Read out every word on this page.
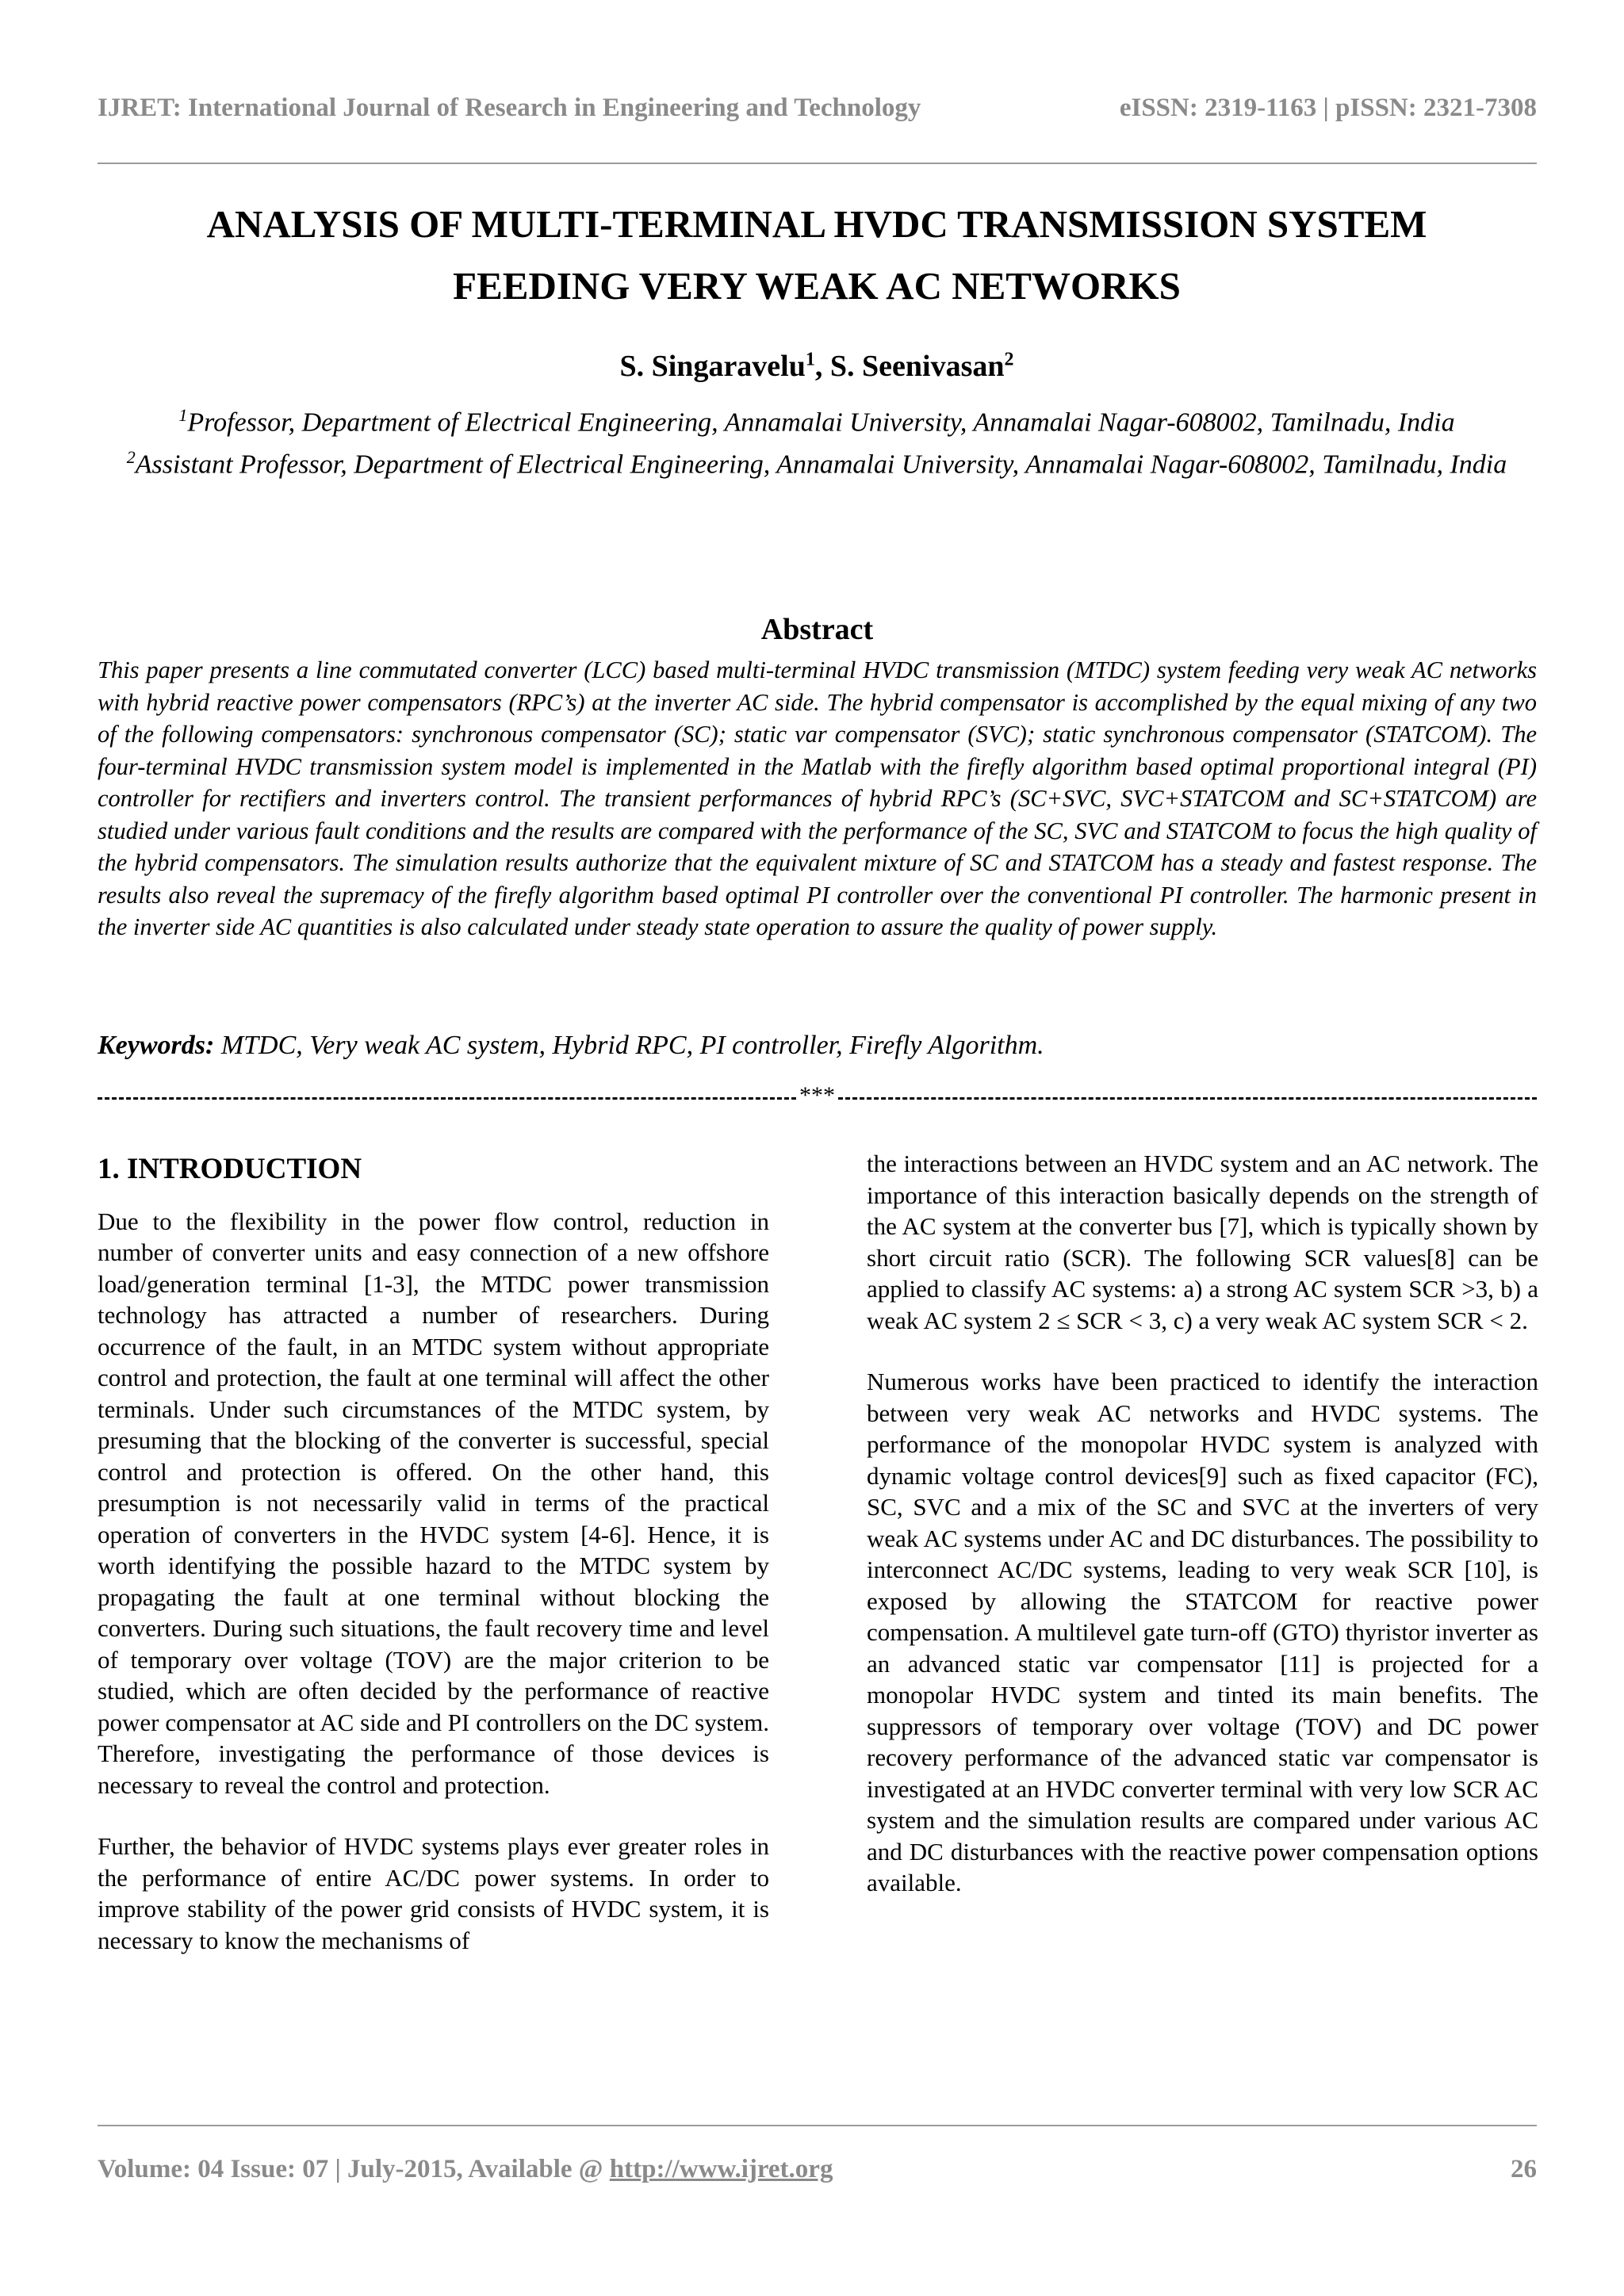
IJRET: International Journal of Research in Engineering and Technology	eISSN: 2319-1163 | pISSN: 2321-7308
ANALYSIS OF MULTI-TERMINAL HVDC TRANSMISSION SYSTEM
FEEDING VERY WEAK AC NETWORKS
S. Singaravelu$^1$, S. Seenivasan$^2$
$^1$Professor, Department of Electrical Engineering, Annamalai University, Annamalai Nagar-608002, Tamilnadu, India
$^2$Assistant Professor, Department of Electrical Engineering, Annamalai University, Annamalai Nagar-608002, Tamilnadu, India
Abstract
This paper presents a line commutated converter (LCC) based multi-terminal HVDC transmission (MTDC) system feeding very weak AC networks with hybrid reactive power compensators (RPC’s) at the inverter AC side. The hybrid compensator is accomplished by the equal mixing of any two of the following compensators: synchronous compensator (SC); static var compensator (SVC); static synchronous compensator (STATCOM). The four-terminal HVDC transmission system model is implemented in the Matlab with the firefly algorithm based optimal proportional integral (PI) controller for rectifiers and inverters control. The transient performances of hybrid RPC’s (SC+SVC, SVC+STATCOM and SC+STATCOM) are studied under various fault conditions and the results are compared with the performance of the SC, SVC and STATCOM to focus the high quality of the hybrid compensators. The simulation results authorize that the equivalent mixture of SC and STATCOM has a steady and fastest response. The results also reveal the supremacy of the firefly algorithm based optimal PI controller over the conventional PI controller. The harmonic present in the inverter side AC quantities is also calculated under steady state operation to assure the quality of power supply.
Keywords: MTDC, Very weak AC system, Hybrid RPC, PI controller, Firefly Algorithm.
***
1. INTRODUCTION

Due to the flexibility in the power flow control, reduction in number of converter units and easy connection of a new offshore load/generation terminal [1-3], the MTDC power transmission technology has attracted a number of researchers. During occurrence of the fault, in an MTDC system without appropriate control and protection, the fault at one terminal will affect the other terminals. Under such circumstances of the MTDC system, by presuming that the blocking of the converter is successful, special control and protection is offered. On the other hand, this presumption is not necessarily valid in terms of the practical operation of converters in the HVDC system [4-6]. Hence, it is worth identifying the possible hazard to the MTDC system by propagating the fault at one terminal without blocking the converters. During such situations, the fault recovery time and level of temporary over voltage (TOV) are the major criterion to be studied, which are often decided by the performance of reactive power compensator at AC side and PI controllers on the DC system. Therefore, investigating the performance of those devices is necessary to reveal the control and protection.

Further, the behavior of HVDC systems plays ever greater roles in the performance of entire AC/DC power systems. In order to improve stability of the power grid consists of HVDC system, it is necessary to know the mechanisms of

the interactions between an HVDC system and an AC network. The importance of this interaction basically depends on the strength of the AC system at the converter bus [7], which is typically shown by short circuit ratio (SCR). The following SCR values[8] can be applied to classify AC systems: a) a strong AC system SCR >3, b) a weak AC system 2 ≤ SCR < 3, c) a very weak AC system SCR < 2.

Numerous works have been practiced to identify the interaction between very weak AC networks and HVDC systems. The performance of the monopolar HVDC system is analyzed with dynamic voltage control devices[9] such as fixed capacitor (FC), SC, SVC and a mix of the SC and SVC at the inverters of very weak AC systems under AC and DC disturbances. The possibility to interconnect AC/DC systems, leading to very weak SCR [10], is exposed by allowing the STATCOM for reactive power compensation. A multilevel gate turn-off (GTO) thyristor inverter as an advanced static var compensator [11] is projected for a monopolar HVDC system and tinted its main benefits. The suppressors of temporary over voltage (TOV) and DC power recovery performance of the advanced static var compensator is investigated at an HVDC converter terminal with very low SCR AC system and the simulation results are compared under various AC and DC disturbances with the reactive power compensation options available.

Volume: 04 Issue: 07 | July-2015, Available @ http://www.ijret.org	26
